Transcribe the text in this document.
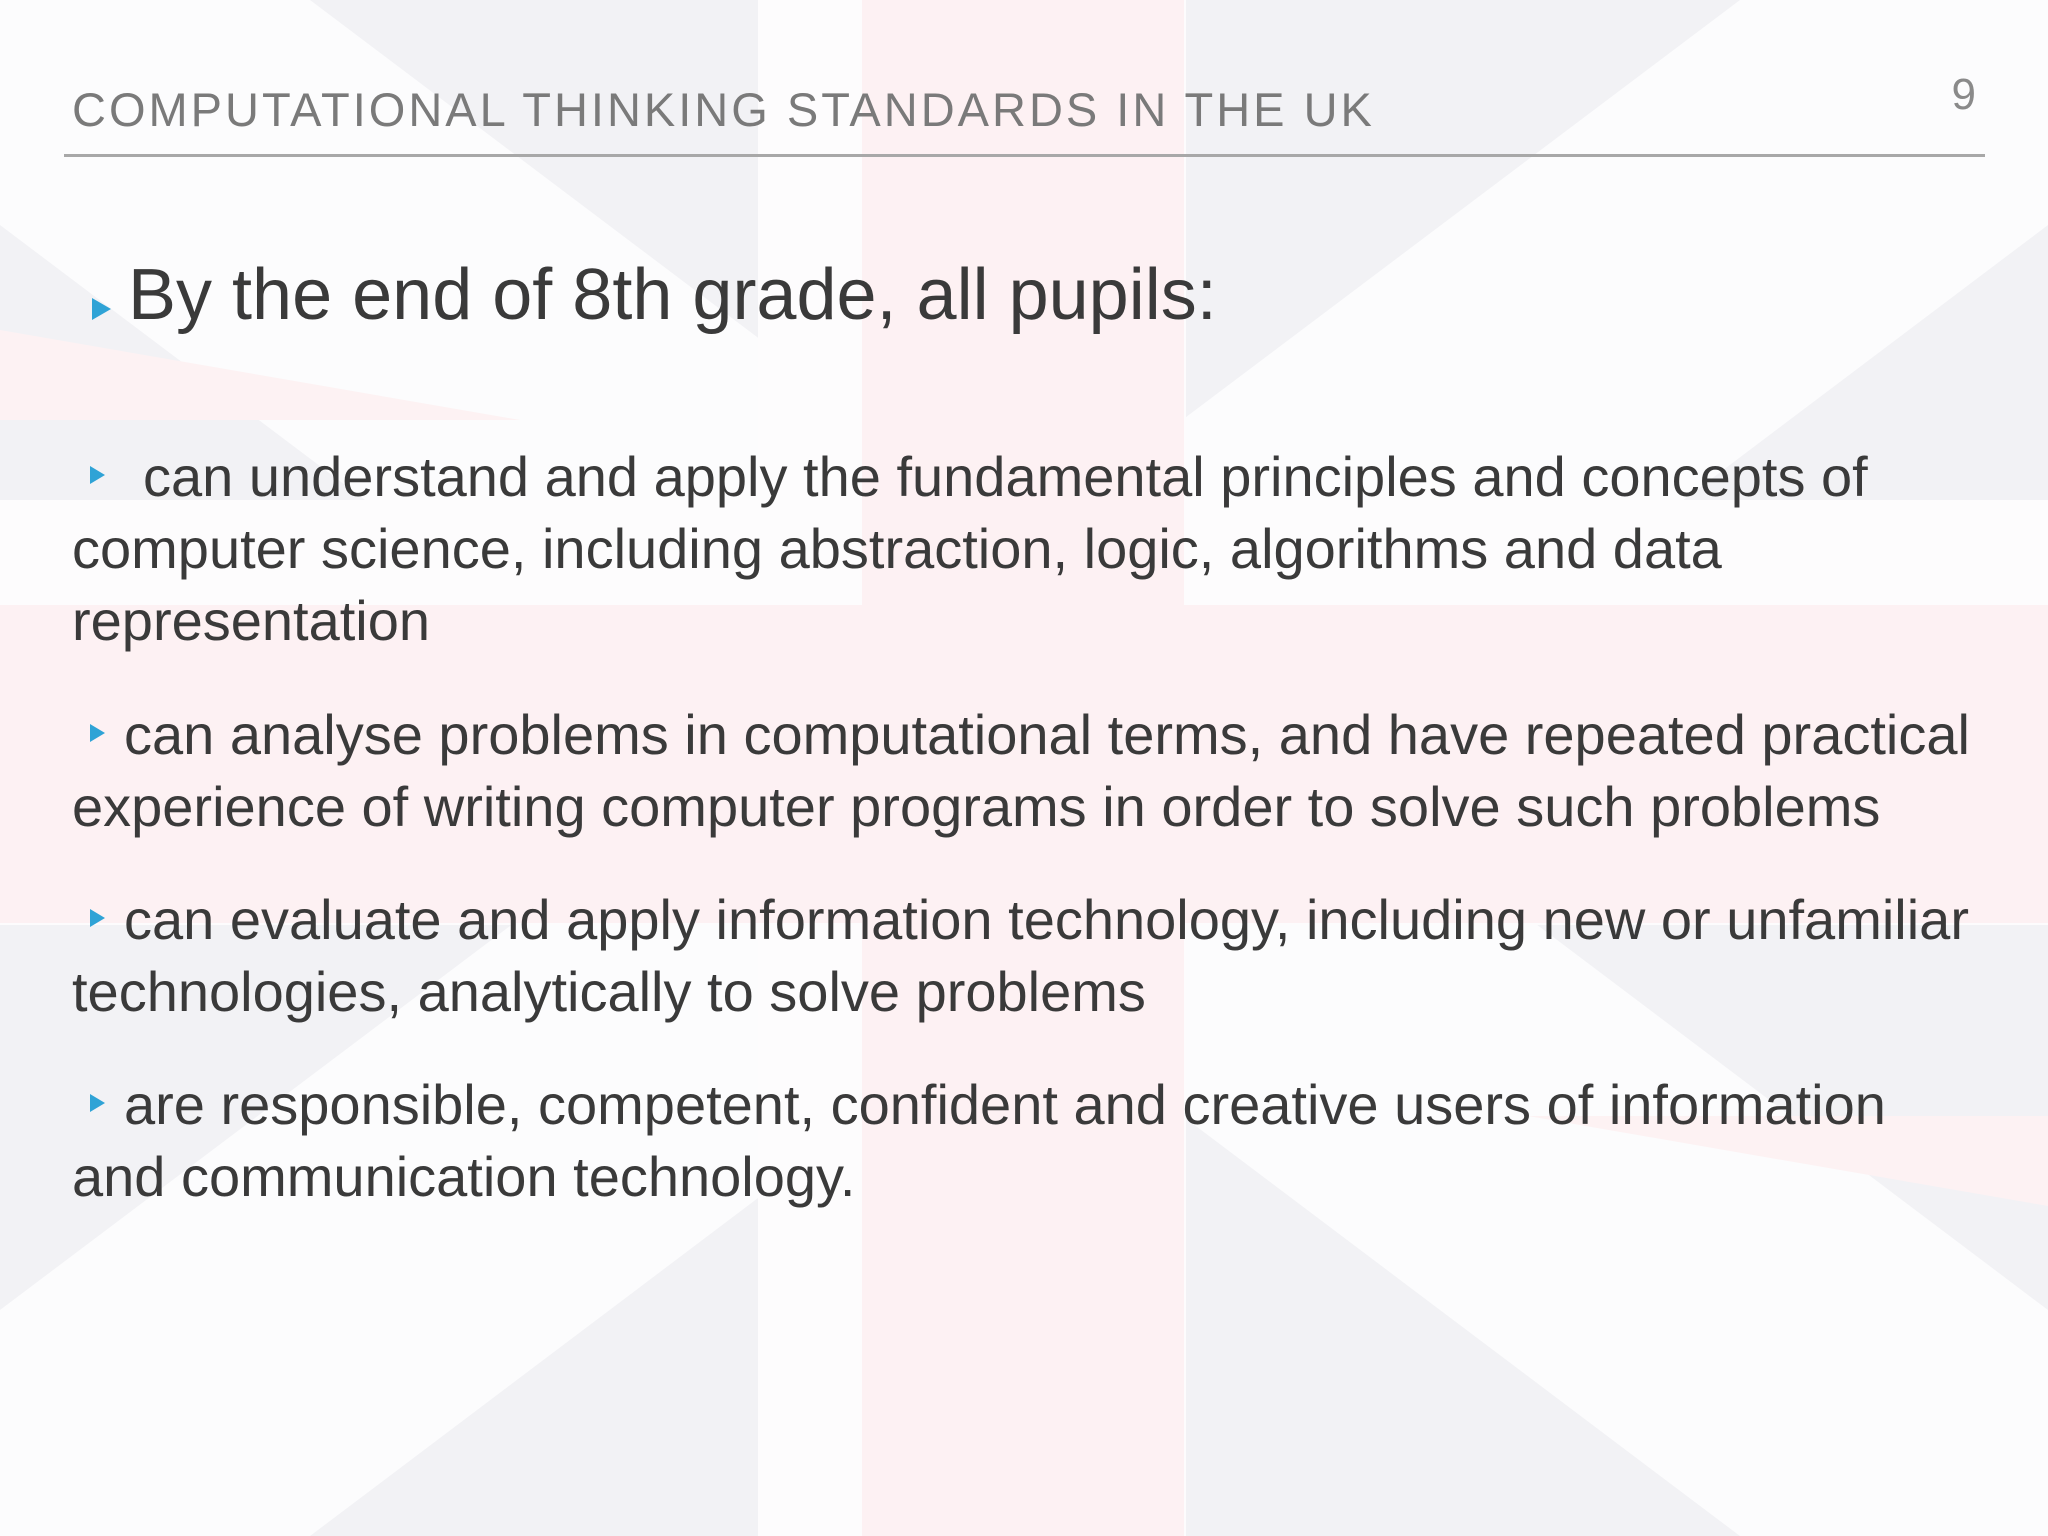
COMPUTATIONAL THINKING STANDARDS IN THE UK	9
By the end of 8th grade, all pupils:

can understand and apply the fundamental principles and concepts of computer science, including abstraction, logic, algorithms and data representation

can analyse problems in computational terms, and have repeated practical experience of writing computer programs in order to solve such problems

can evaluate and apply information technology, including new or unfamiliar technologies, analytically to solve problems

are responsible, competent, confident and creative users of information and communication technology.
